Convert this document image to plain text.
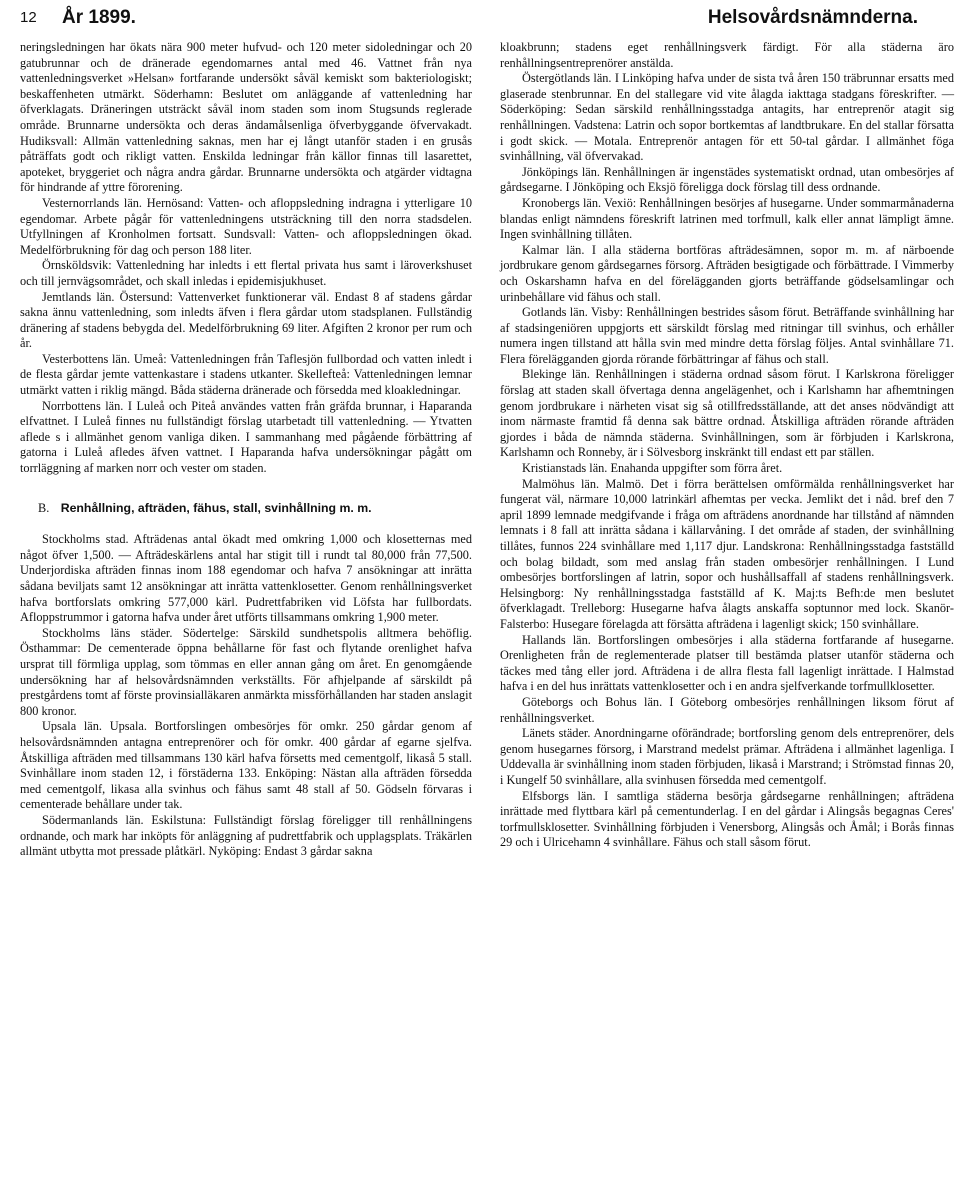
12 År 1899.	Helsovårdsnämnderna.

neringsledningen har ökats nära 900 meter hufvud- och 120 meter sidoledningar och 20 gatubrunnar och de dränerade egendomarnes antal med 46. Vattnet från nya vattenledningsverket »Helsan» fortfarande undersökt såväl kemiskt som bakteriologiskt; beskaffenheten utmärkt. Söderhamn: Beslutet om anläggande af vattenledning har öfverklagats. Dräneringen utsträckt såväl inom staden som inom Stugsunds reglerade område. Brunnarne undersökta och deras ändamålsenliga öfverbyggande öfvervakadt. Hudiksvall: Allmän vattenledning saknas, men har ej långt utanför staden i en grusås påträffats godt och rikligt vatten. Enskilda ledningar från källor finnas till lasarettet, apoteket, bryggeriet och några andra gårdar. Brunnarne undersökta och atgärder vidtagna för hindrande af yttre förorening.

Vesternorrlands län. Hernösand: Vatten- och afloppsledning indragna i ytterligare 10 egendomar. Arbete pågår för vattenledningens utsträckning till den norra stadsdelen. Utfyllningen af Kronholmen fortsatt. Sundsvall: Vatten- och afloppsledningen ökad. Medelförbrukning för dag och person 188 liter.

Örnsköldsvik: Vattenledning har inledts i ett flertal privata hus samt i läroverkshuset och till jernvägsområdet, och skall inledas i epidemisjukhuset.

Jemtlands län. Östersund: Vattenverket funktionerar väl. Endast 8 af stadens gårdar sakna ännu vattenledning, som inledts äfven i flera gårdar utom stadsplanen. Fullständig dränering af stadens bebygda del. Medelförbrukning 69 liter. Afgiften 2 kronor per rum och år.

Vesterbottens län. Umeå: Vattenledningen från Taflesjön fullbordad och vatten inledt i de flesta gårdar jemte vattenkastare i stadens utkanter. Skellefteå: Vattenledningen lemnar utmärkt vatten i riklig mängd. Båda städerna dränerade och försedda med kloakledningar.

Norrbottens län. I Luleå och Piteå användes vatten från gräfda brunnar, i Haparanda elfvattnet. I Luleå finnes nu fullständigt förslag utarbetadt till vattenledning. — Ytvatten aflede s i allmänhet genom vanliga diken. I sammanhang med pågående förbättring af gatorna i Luleå afledes äfven vattnet. I Haparanda hafva undersökningar pågått om torrläggning af marken norr och vester om staden.

B. Renhållning, afträden, fähus, stall, svinhållning m. m.

Stockholms stad. Afträdenas antal ökadt med omkring 1,000 och klosetternas med något öfver 1,500. — Afträdeskärlens antal har stigit till i rundt tal 80,000 från 77,500. Underjordiska afträden finnas inom 188 egendomar och hafva 7 ansökningar att inrätta sådana beviljats samt 12 ansökningar att inrätta vattenklosetter. Genom renhållningsverket hafva bortforslats omkring 577,000 kärl. Pudrettfabriken vid Löfsta har fullbordats. Afloppstrummor i gatorna hafva under året utförts tillsammans omkring 1,900 meter.

Stockholms läns städer. Södertelge: Särskild sundhetspolis alltmera behöflig. Östhammar: De cementerade öppna behållarne för fast och flytande orenlighet hafva ursprat till förmliga upplag, som tömmas en eller annan gång om året. En genomgående undersökning har af helsovårdsnämnden verkställts. För afhjelpande af särskildt på prestgårdens tomt af förste provinsialläkaren anmärkta missförhållanden har staden anslagit 800 kronor.

Upsala län. Upsala. Bortforslingen ombesörjes för omkr. 250 gårdar genom af helsovårdsnämnden antagna entreprenörer och för omkr. 400 gårdar af egarne sjelfva. Åtskilliga afträden med tillsammans 130 kärl hafva försetts med cementgolf, likaså 5 stall. Svinhållare inom staden 12, i förstäderna 133. Enköping: Nästan alla afträden försedda med cementgolf, likasa alla svinhus och fähus samt 48 stall af 50. Gödseln förvaras i cementerade behållare under tak.

Södermanlands län. Eskilstuna: Fullständigt förslag föreligger till renhållningens ordnande, och mark har inköpts för anläggning af pudrettfabrik och upplagsplats. Träkärlen allmänt utbytta mot pressade plåtkärl. Nyköping: Endast 3 gårdar sakna

kloakbrunn; stadens eget renhållningsverk färdigt. För alla städerna äro renhållningsentreprenörer anstälda.

Östergötlands län. I Linköping hafva under de sista två åren 150 träbrunnar ersatts med glaserade stenbrunnar. En del stallegare vid vite ålagda iakttaga stadgans föreskrifter. — Söderköping: Sedan särskild renhållningsstadga antagits, har entreprenör atagit sig renhållningen. Vadstena: Latrin och sopor bortkemtas af landtbrukare. En del stallar försatta i godt skick. — Motala. Entreprenör antagen för ett 50-tal gårdar. I allmänhet föga svinhållning, väl öfvervakad.

Jönköpings län. Renhållningen är ingenstädes systematiskt ordnad, utan ombesörjes af gårdsegarne. I Jönköping och Eksjö föreligga dock förslag till dess ordnande.

Kronobergs län. Vexiö: Renhållningen besörjes af husegarne. Under sommarmånaderna blandas enligt nämndens föreskrift latrinen med torfmull, kalk eller annat lämpligt ämne. Ingen svinhållning tillåten.

Kalmar län. I alla städerna bortföras afträdesämnen, sopor m. m. af närboende jordbrukare genom gårdsegarnes försorg. Afträden besigtigade och förbättrade. I Vimmerby och Oskarshamn hafva en del förelägganden gjorts beträffande gödselsamlingar och urinbehållare vid fähus och stall.

Gotlands län. Visby: Renhållningen bestrides såsom förut. Beträffande svinhållning har af stadsingeniören uppgjorts ett särskildt förslag med ritningar till svinhus, och erhåller numera ingen tillstand att hålla svin med mindre detta förslag följes. Antal svinhållare 71. Flera förelägganden gjorda rörande förbättringar af fähus och stall.

Blekinge län. Renhållningen i städerna ordnad såsom förut. I Karlskrona föreligger förslag att staden skall öfvertaga denna angelägenhet, och i Karlshamn har afhemtningen genom jordbrukare i närheten visat sig så otillfredsställande, att det anses nödvändigt att inom närmaste framtid få denna sak bättre ordnad. Åtskilliga afträden rörande afträden gjordes i båda de nämnda städerna. Svinhållningen, som är förbjuden i Karlskrona, Karlshamn och Ronneby, är i Sölvesborg inskränkt till endast ett par ställen.

Kristianstads län. Enahanda uppgifter som förra året.

Malmöhus län. Malmö. Det i förra berättelsen omförmälda renhållningsverket har fungerat väl, närmare 10,000 latrinkärl afhemtas per vecka. Jemlikt det i nåd. bref den 7 april 1899 lemnade medgifvande i fråga om afträdens anordnande har tillstånd af nämnden lemnats i 8 fall att inrätta sådana i källarvåning. I det område af staden, der svinhållning tillåtes, funnos 224 svinhållare med 1,117 djur. Landskrona: Renhållningsstadga fastställd och bolag bildadt, som med anslag från staden ombesörjer renhållningen. I Lund ombesörjes bortforslingen af latrin, sopor och hushållsaffall af stadens renhållningsverk. Helsingborg: Ny renhållningsstadga fastställd af K. Maj:ts Befh:de men beslutet öfverklagadt. Trelleborg: Husegarne hafva ålagts anskaffa soptunnor med lock. Skanör-Falsterbo: Husegare förelagda att försätta afträdena i lagenligt skick; 150 svinhållare.

Hallands län. Bortforslingen ombesörjes i alla städerna fortfarande af husegarne. Orenligheten från de reglementerade platser till bestämda platser utanför städerna och täckes med tång eller jord. Afträdena i de allra flesta fall lagenligt inrättade. I Halmstad hafva i en del hus inrättats vattenklosetter och i en andra sjelfverkande torfmullklosetter.

Göteborgs och Bohus län. I Göteborg ombesörjes renhållningen liksom förut af renhållningsverket.

Länets städer. Anordningarne oförändrade; bortforsling genom dels entreprenörer, dels genom husegarnes försorg, i Marstrand medelst prämar. Afträdena i allmänhet lagenliga. I Uddevalla är svinhållning inom staden förbjuden, likaså i Marstrand; i Strömstad finnas 20, i Kungelf 50 svinhållare, alla svinhusen försedda med cementgolf.

Elfsborgs län. I samtliga städerna besörja gårdsegarne renhållningen; afträdena inrättade med flyttbara kärl på cementunderlag. I en del gårdar i Alingsås begagnas Ceres' torfmullsklosetter. Svinhållning förbjuden i Venersborg, Alingsås och Åmål; i Borås finnas 29 och i Ulricehamn 4 svinhållare. Fähus och stall såsom förut.
